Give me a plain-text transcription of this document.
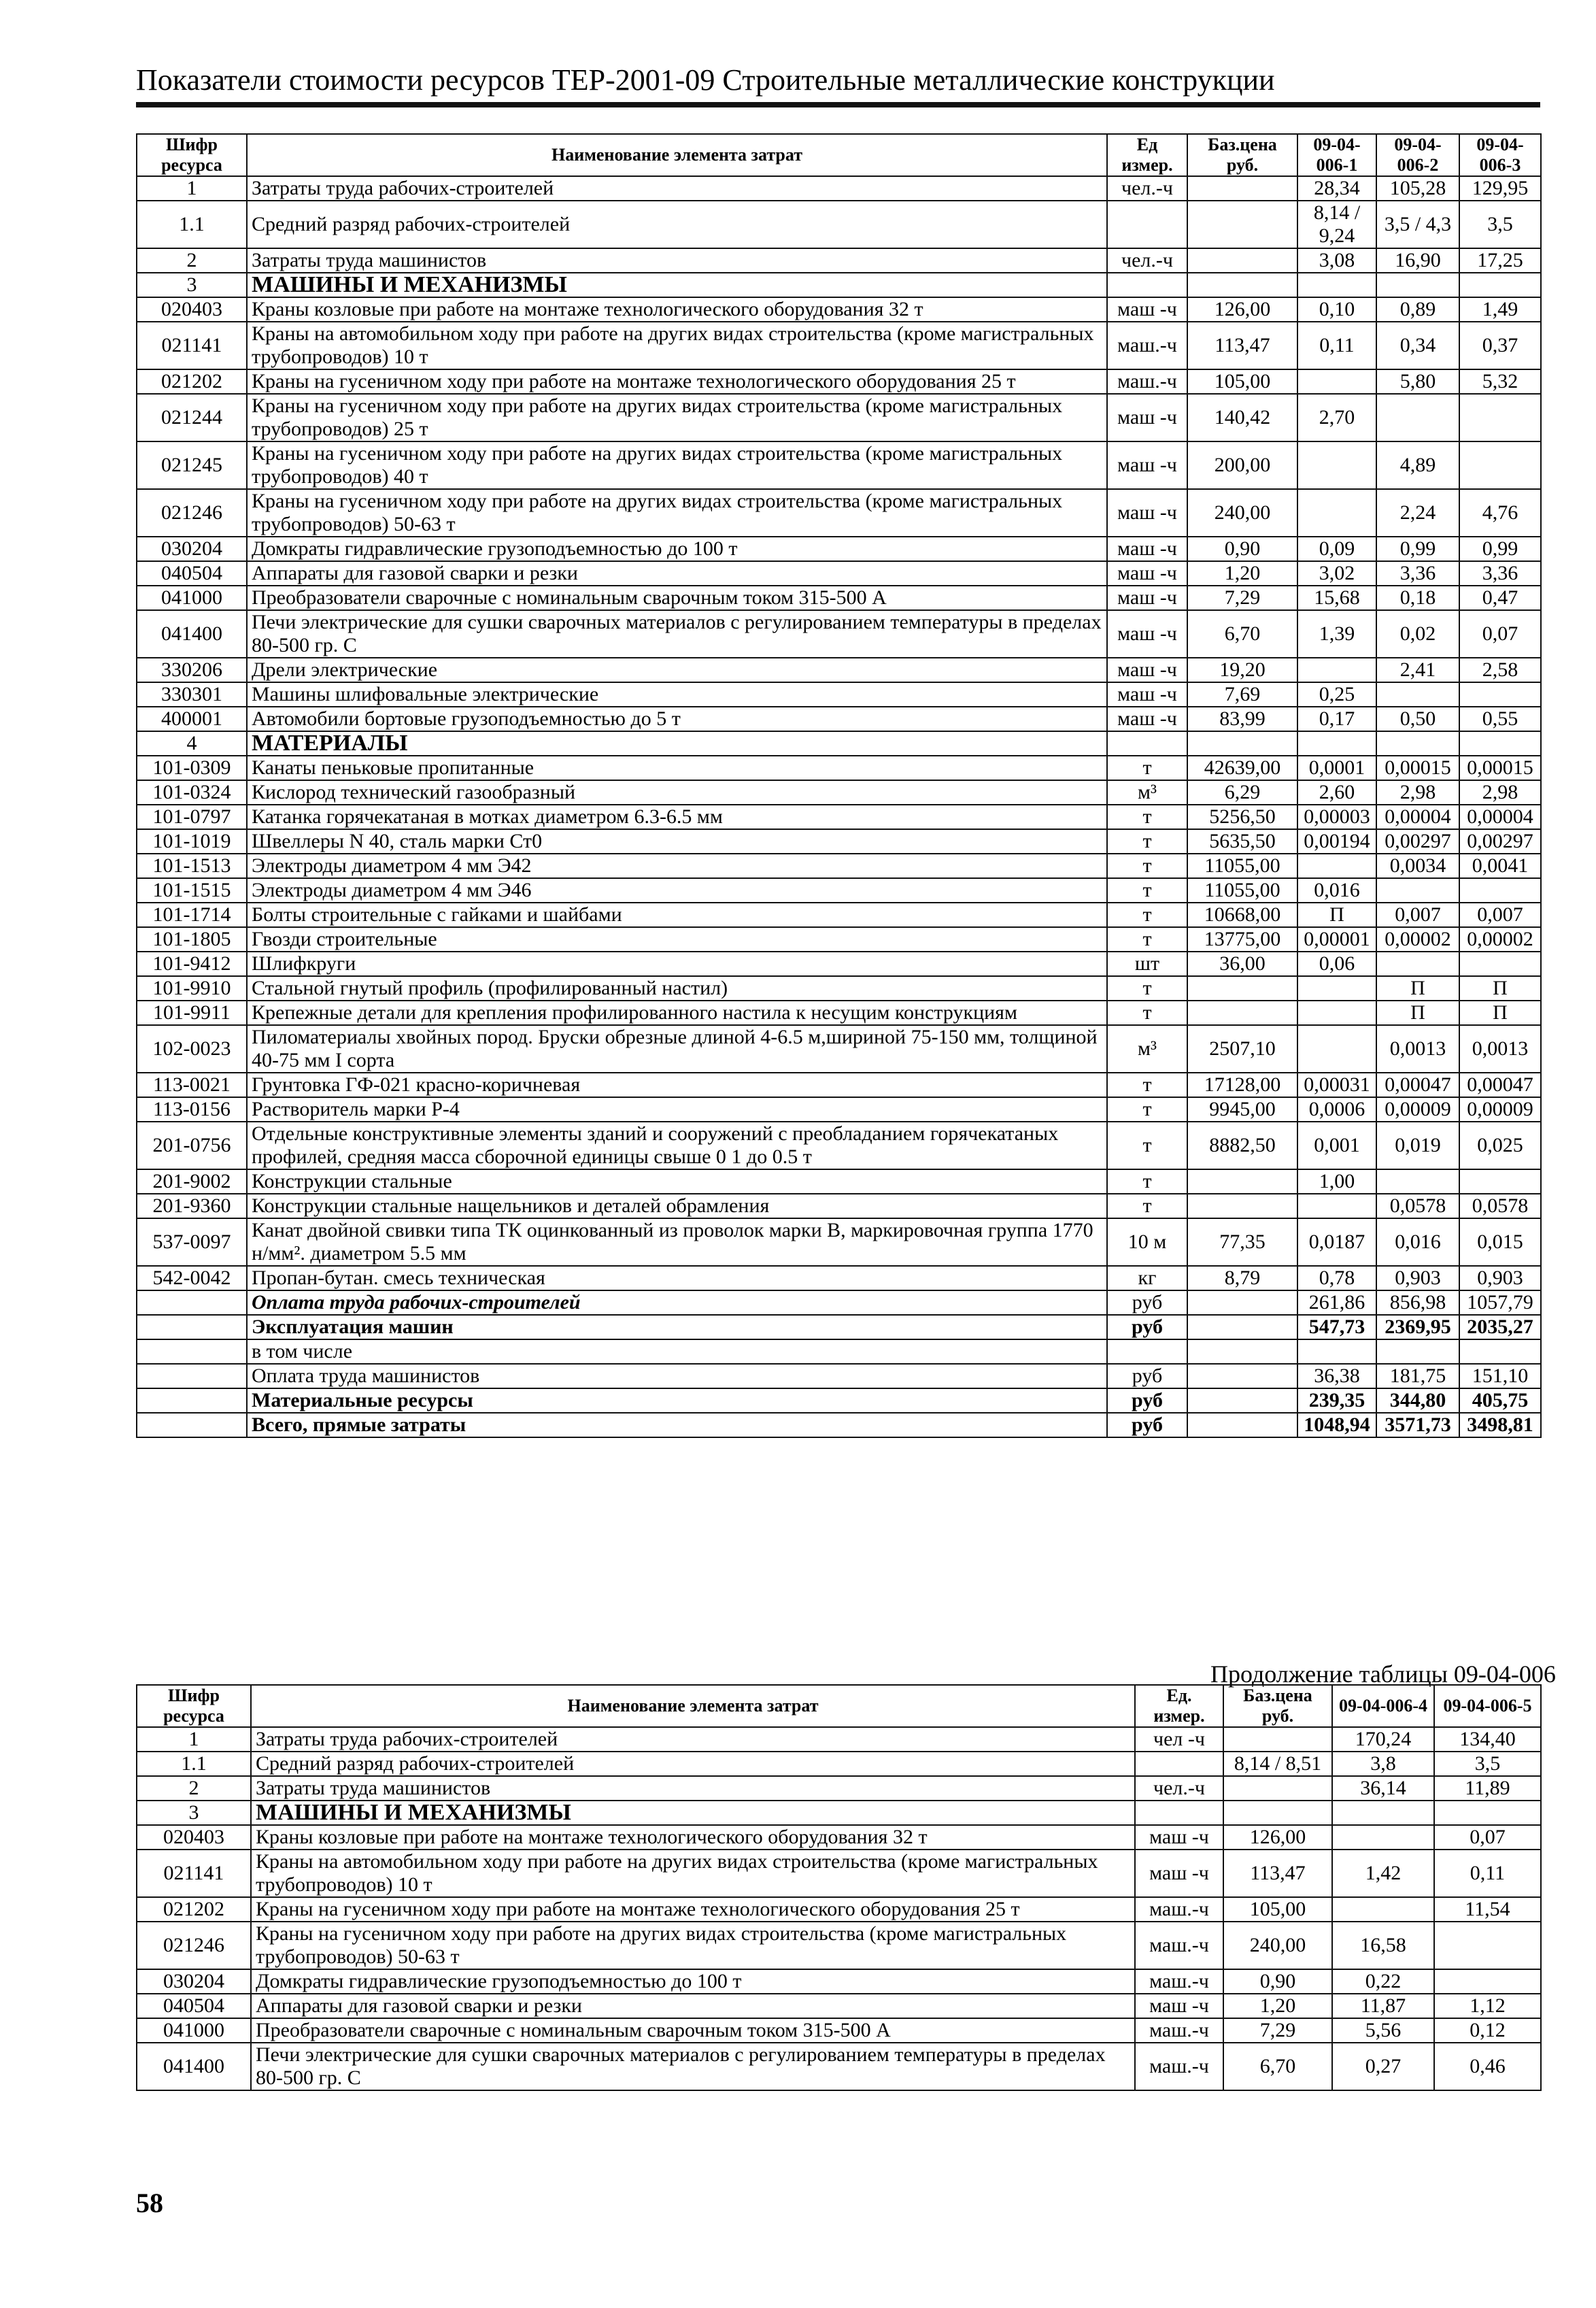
Показатели стоимости ресурсов ТЕР-2001-09 Строительные металлические конструкции
Шифр ресурса	Наименование элемента затрат	Ед измер.	Баз.цена руб.	09-04-006-1	09-04-006-2	09-04-006-3
1	Затраты труда рабочих-строителей	чел.-ч		28,34	105,28	129,95
1.1	Средний разряд рабочих-строителей			8,14 / 9,24	3,5 / 4,3	3,5
2	Затраты труда машинистов	чел.-ч		3,08	16,90	17,25
3	МАШИНЫ И МЕХАНИЗМЫ					
020403	Краны козловые при работе на монтаже технологического оборудования 32 т	маш -ч	126,00	0,10	0,89	1,49
021141	Краны на автомобильном ходу при работе на других видах строительства (кроме магистральных трубопроводов) 10 т	маш.-ч	113,47	0,11	0,34	0,37
021202	Краны на гусеничном ходу при работе на монтаже технологического оборудования 25 т	маш.-ч	105,00		5,80	5,32
021244	Краны на гусеничном ходу при работе на других видах строительства (кроме магистральных трубопроводов) 25 т	маш -ч	140,42	2,70		
021245	Краны на гусеничном ходу при работе на других видах строительства (кроме магистральных трубопроводов) 40 т	маш -ч	200,00		4,89	
021246	Краны на гусеничном ходу при работе на других видах строительства (кроме магистральных трубопроводов) 50-63 т	маш -ч	240,00		2,24	4,76
030204	Домкраты гидравлические грузоподъемностью до 100 т	маш -ч	0,90	0,09	0,99	0,99
040504	Аппараты для газовой сварки и резки	маш -ч	1,20	3,02	3,36	3,36
041000	Преобразователи сварочные с номинальным сварочным током 315-500 А	маш -ч	7,29	15,68	0,18	0,47
041400	Печи электрические для сушки сварочных материалов с регулированием температуры в пределах 80-500 гр. С	маш -ч	6,70	1,39	0,02	0,07
330206	Дрели электрические	маш -ч	19,20		2,41	2,58
330301	Машины шлифовальные электрические	маш -ч	7,69	0,25		
400001	Автомобили бортовые грузоподъемностью до 5 т	маш -ч	83,99	0,17	0,50	0,55
4	МАТЕРИАЛЫ					
101-0309	Канаты пеньковые пропитанные	т	42639,00	0,0001	0,00015	0,00015
101-0324	Кислород технический газообразный	м³	6,29	2,60	2,98	2,98
101-0797	Катанка горячекатаная в мотках диаметром 6.3-6.5 мм	т	5256,50	0,00003	0,00004	0,00004
101-1019	Швеллеры N 40, сталь марки Ст0	т	5635,50	0,00194	0,00297	0,00297
101-1513	Электроды диаметром 4 мм Э42	т	11055,00		0,0034	0,0041
101-1515	Электроды диаметром 4 мм Э46	т	11055,00	0,016		
101-1714	Болты строительные с гайками и шайбами	т	10668,00	П	0,007	0,007
101-1805	Гвозди строительные	т	13775,00	0,00001	0,00002	0,00002
101-9412	Шлифкруги	шт	36,00	0,06		
101-9910	Стальной гнутый профиль (профилированный настил)	т			П	П
101-9911	Крепежные детали для крепления профилированного настила к несущим конструкциям	т			П	П
102-0023	Пиломатериалы хвойных пород. Бруски обрезные длиной 4-6.5 м,шириной 75-150 мм, толщиной 40-75 мм I сорта	м³	2507,10		0,0013	0,0013
113-0021	Грунтовка ГФ-021 красно-коричневая	т	17128,00	0,00031	0,00047	0,00047
113-0156	Растворитель марки Р-4	т	9945,00	0,0006	0,00009	0,00009
201-0756	Отдельные конструктивные элементы зданий и сооружений с преобладанием горячекатаных профилей, средняя масса сборочной единицы свыше 0 1 до 0.5 т	т	8882,50	0,001	0,019	0,025
201-9002	Конструкции стальные	т		1,00		
201-9360	Конструкции стальные нащельников и деталей обрамления	т			0,0578	0,0578
537-0097	Канат двойной свивки типа ТК оцинкованный из проволок марки В, маркировочная группа 1770 н/мм². диаметром 5.5 мм	10 м	77,35	0,0187	0,016	0,015
542-0042	Пропан-бутан. смесь техническая	кг	8,79	0,78	0,903	0,903
	Оплата труда рабочих-строителей	руб		261,86	856,98	1057,79
	Эксплуатация машин	руб		547,73	2369,95	2035,27
	в том числе					
	Оплата труда машинистов	руб		36,38	181,75	151,10
	Материальные ресурсы	руб		239,35	344,80	405,75
	Всего, прямые затраты	руб		1048,94	3571,73	3498,81
Продолжение таблицы 09-04-006
Шифр ресурса	Наименование элемента затрат	Ед. измер.	Баз.цена руб.	09-04-006-4	09-04-006-5
1	Затраты труда рабочих-строителей	чел -ч		170,24	134,40
1.1	Средний разряд рабочих-строителей		8,14 / 8,51	3,8	3,5
2	Затраты труда машинистов	чел.-ч		36,14	11,89
3	МАШИНЫ И МЕХАНИЗМЫ				
020403	Краны козловые при работе на монтаже технологического оборудования 32 т	маш -ч	126,00		0,07
021141	Краны на автомобильном ходу при работе на других видах строительства (кроме магистральных трубопроводов) 10 т	маш -ч	113,47	1,42	0,11
021202	Краны на гусеничном ходу при работе на монтаже технологического оборудования 25 т	маш.-ч	105,00		11,54
021246	Краны на гусеничном ходу при работе на других видах строительства (кроме магистральных трубопроводов) 50-63 т	маш.-ч	240,00	16,58	
030204	Домкраты гидравлические грузоподъемностью до 100 т	маш.-ч	0,90	0,22	
040504	Аппараты для газовой сварки и резки	маш -ч	1,20	11,87	1,12
041000	Преобразователи сварочные с номинальным сварочным током 315-500 А	маш.-ч	7,29	5,56	0,12
041400	Печи электрические для сушки сварочных материалов с регулированием температуры в пределах 80-500 гр. С	маш.-ч	6,70	0,27	0,46
58
